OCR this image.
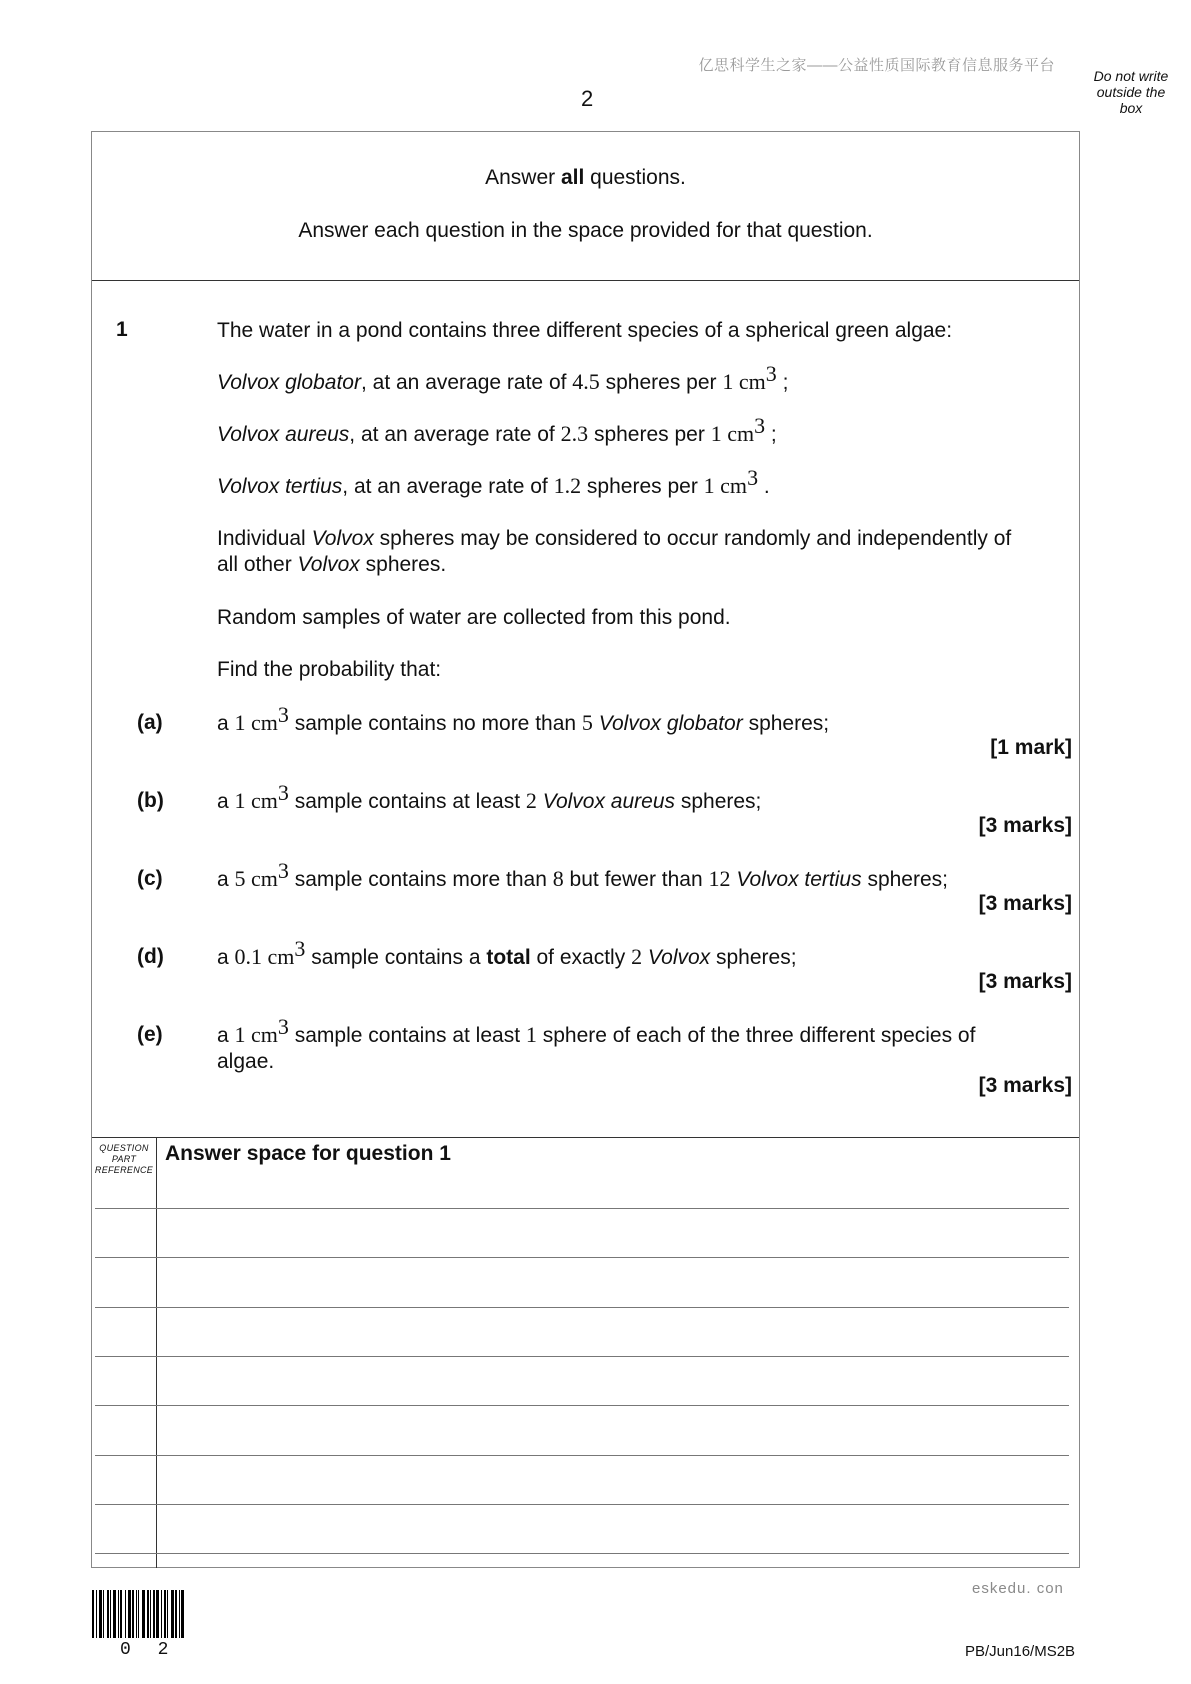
亿思科学生之家——公益性质国际教育信息服务平台
2
Do not write
outside the
box
Answer all questions.
Answer each question in the space provided for that question.
1	The water in a pond contains three different species of a spherical green algae:
Volvox globator, at an average rate of 4.5 spheres per 1 $cm^3$ ;
Volvox aureus, at an average rate of 2.3 spheres per 1 $cm^3$ ;
Volvox tertius, at an average rate of 1.2 spheres per 1 $cm^3$ .
Individual Volvox spheres may be considered to occur randomly and independently of
all other Volvox spheres.
Random samples of water are collected from this pond.
Find the probability that:
(a)	a 1 $cm^3$ sample contains no more than 5 Volvox globator spheres;
[1 mark]
(b)	a 1 $cm^3$ sample contains at least 2 Volvox aureus spheres;
[3 marks]
(c)	a 5 $cm^3$ sample contains more than 8 but fewer than 12 Volvox tertius spheres;
[3 marks]
(d)	a 0.1 $cm^3$ sample contains a total of exactly 2 Volvox spheres;
[3 marks]
(e)	a 1 $cm^3$ sample contains at least 1 sphere of each of the three different species of
algae.
[3 marks]
QUESTION
PART
REFERENCE
Answer space for question 1
0 2
eskedu. con
PB/Jun16/MS2B
